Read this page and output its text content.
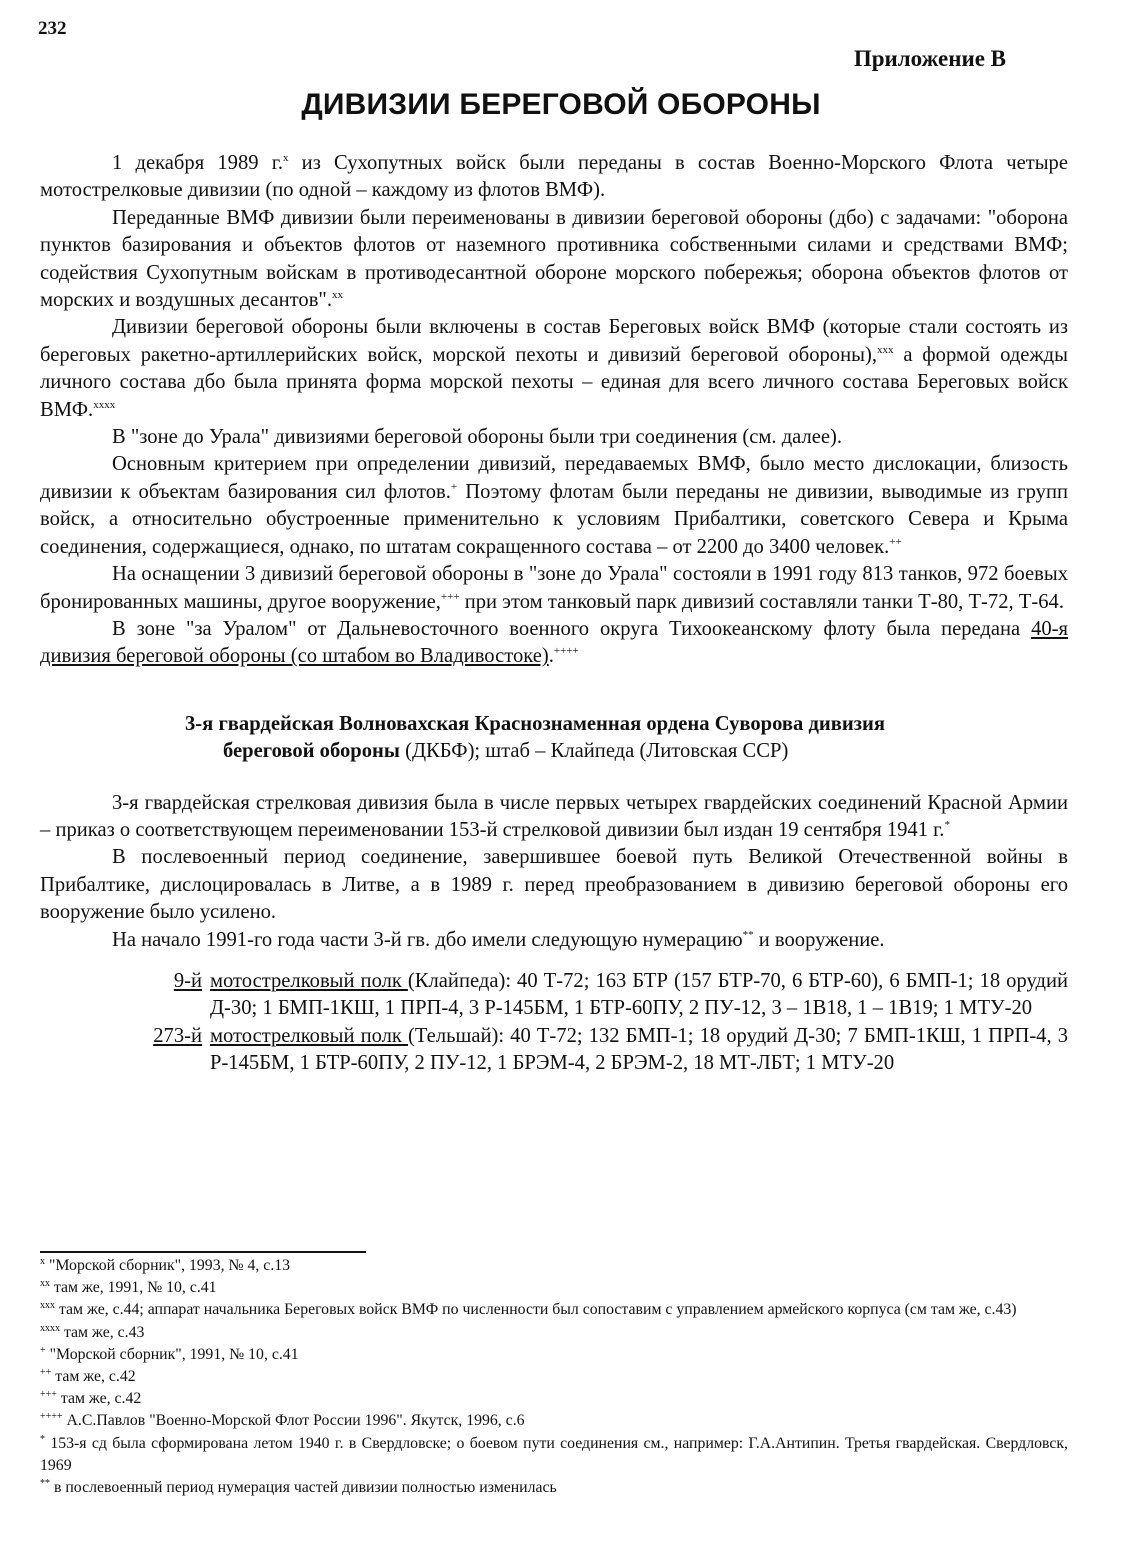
232
Приложение В
ДИВИЗИИ БЕРЕГОВОЙ ОБОРОНЫ

1 декабря 1989 г.$^x$ из Сухопутных войск были переданы в состав Военно-Морского Флота четыре мотострелковые дивизии (по одной – каждому из флотов ВМФ).

Переданные ВМФ дивизии были переименованы в дивизии береговой обороны (дбо) с задачами: "оборона пунктов базирования и объектов флотов от наземного противника собственными силами и средствами ВМФ; содействия Сухопутным войскам в противодесантной обороне морского побережья; оборона объектов флотов от морских и воздушных десантов".$^{xx}$

Дивизии береговой обороны были включены в состав Береговых войск ВМФ (которые стали состоять из береговых ракетно-артиллерийских войск, морской пехоты и дивизий береговой обороны),$^{xxx}$ а формой одежды личного состава дбо была принята форма морской пехоты – единая для всего личного состава Береговых войск ВМФ.$^{xxxx}$

В "зоне до Урала" дивизиями береговой обороны были три соединения (см. далее).

Основным критерием при определении дивизий, передаваемых ВМФ, было место дислокации, близость дивизии к объектам базирования сил флотов.+ Поэтому флотам были переданы не дивизии, выводимые из групп войск, а относительно обустроенные применительно к условиям Прибалтики, советского Севера и Крыма соединения, содержащиеся, однако, по штатам сокращенного состава – от 2200 до 3400 человек.++

На оснащении 3 дивизий береговой обороны в "зоне до Урала" состояли в 1991 году 813 танков, 972 боевых бронированных машины, другое вооружение,+++ при этом танковый парк дивизий составляли танки Т-80, Т-72, Т-64.

В зоне "за Уралом" от Дальневосточного военного округа Тихоокеанскому флоту была передана 40-я дивизия береговой обороны (со штабом во Владивостоке).++++

3-я гвардейская Волновахская Краснознаменная ордена Суворова дивизия
береговой обороны (ДКБФ); штаб – Клайпеда (Литовская ССР)

3-я гвардейская стрелковая дивизия была в числе первых четырех гвардейских соединений Красной Армии – приказ о соответствующем переименовании 153-й стрелковой дивизии был издан 19 сентября 1941 г.*

В послевоенный период соединение, завершившее боевой путь Великой Отечественной войны в Прибалтике, дислоцировалась в Литве, а в 1989 г. перед преобразованием в дивизию береговой обороны его вооружение было усилено.

На начало 1991-го года части 3-й гв. дбо имели следующую нумерацию** и вооружение.

9-й мотострелковый полк (Клайпеда): 40 Т-72; 163 БТР (157 БТР-70, 6 БТР-60), 6 БМП-1; 18 орудий Д-30; 1 БМП-1КШ, 1 ПРП-4, 3 Р-145БМ, 1 БТР-60ПУ, 2 ПУ-12, 3 – 1В18, 1 – 1В19; 1 МТУ-20
273-й мотострелковый полк (Тельшай): 40 Т-72; 132 БМП-1; 18 орудий Д-30; 7 БМП-1КШ, 1 ПРП-4, 3 Р-145БМ, 1 БТР-60ПУ, 2 ПУ-12, 1 БРЭМ-4, 2 БРЭМ-2, 18 МТ-ЛБТ; 1 МТУ-20
$^x$ "Морской сборник", 1993, № 4, с.13
$^{xx}$ там же, 1991, № 10, с.41
$^{xxx}$ там же, с.44; аппарат начальника Береговых войск ВМФ по численности был сопоставим с управлением армейского корпуса (см там же, с.43)
$^{xxxx}$ там же, с.43
+ "Морской сборник", 1991, № 10, с.41
++ там же, с.42
+++ там же, с.42
++++ А.С.Павлов "Военно-Морской Флот России 1996". Якутск, 1996, с.6
* 153-я сд была сформирована летом 1940 г. в Свердловске; о боевом пути соединения см., например: Г.А.Антипин. Третья гвардейская. Свердловск, 1969
** в послевоенный период нумерация частей дивизии полностью изменилась
